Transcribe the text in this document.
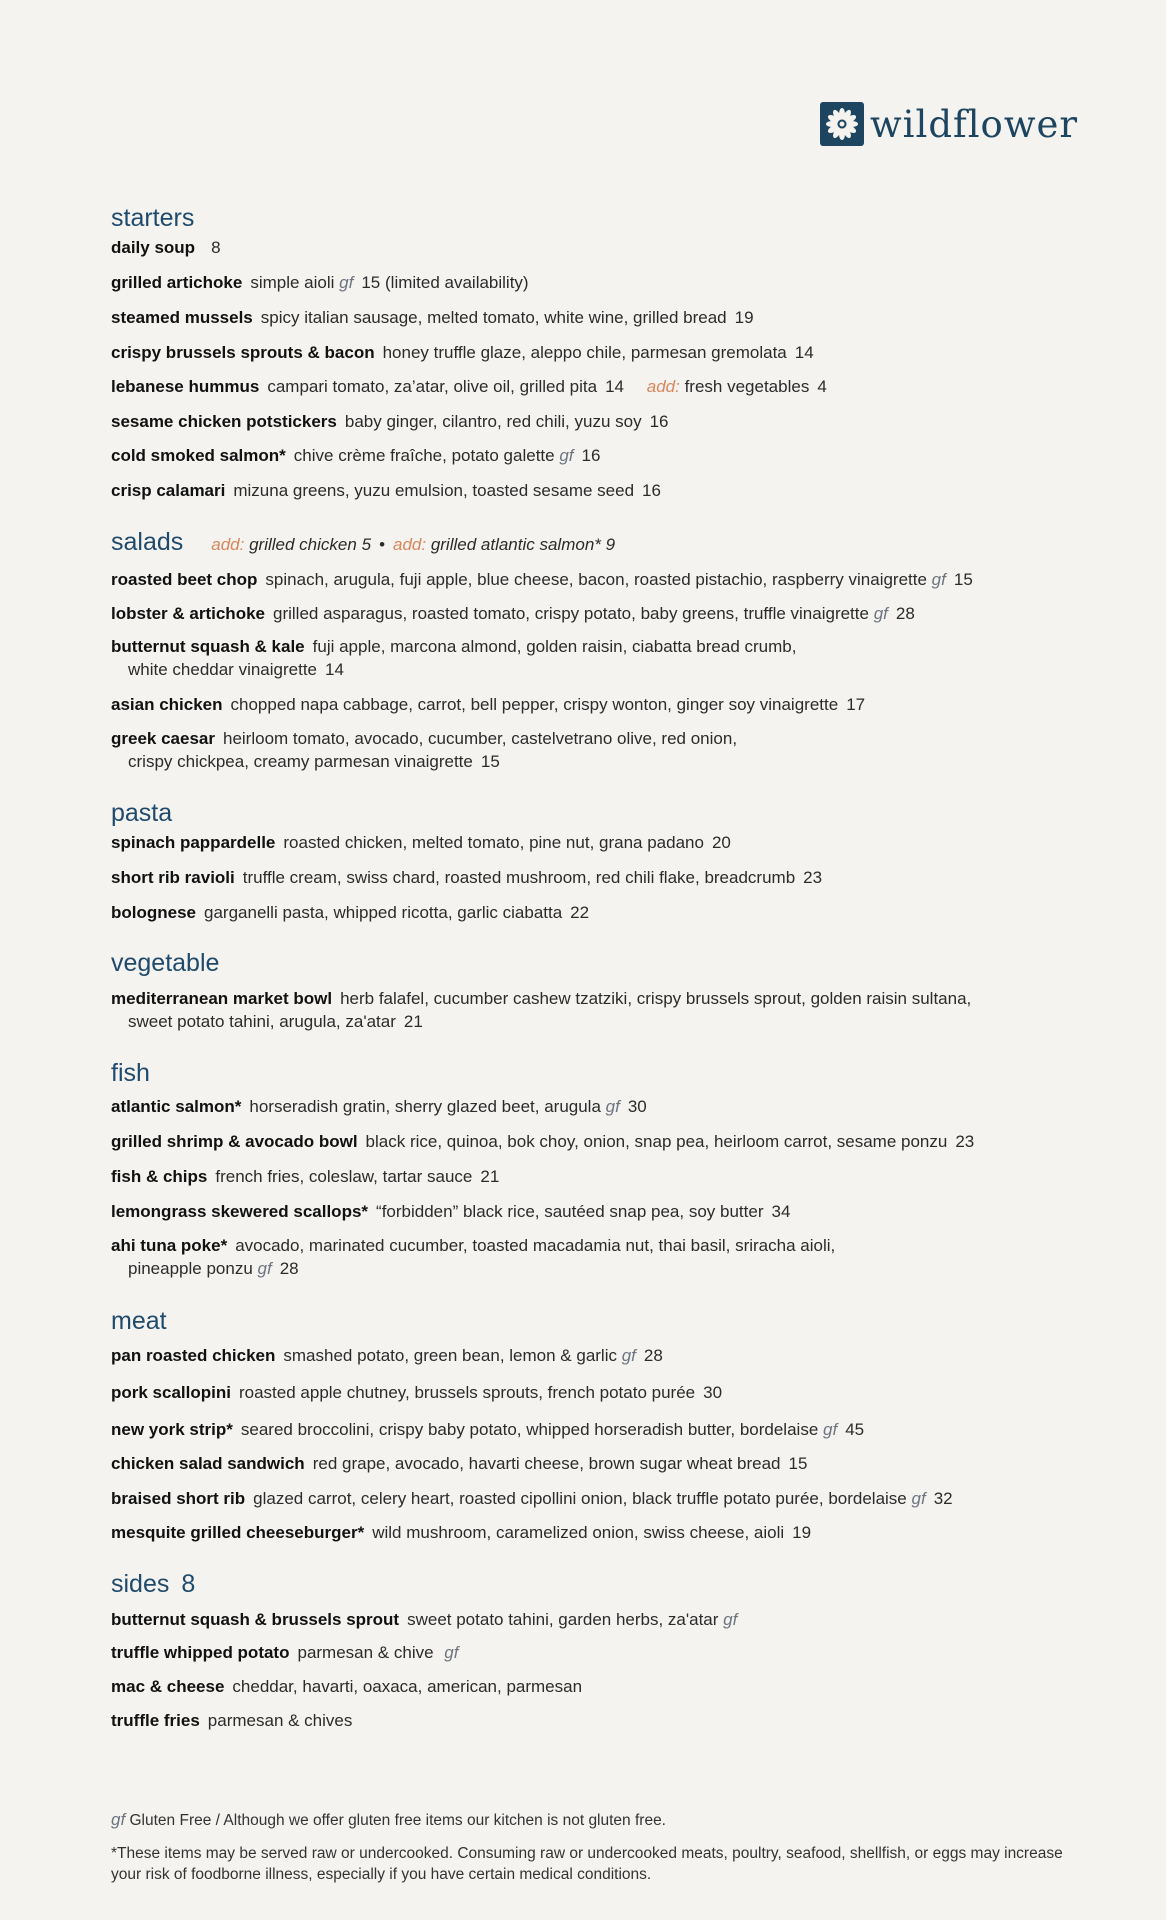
wildflower
starters
daily soup 8
grilled artichoke simple aioli gf 15 (limited availability)
steamed mussels spicy italian sausage, melted tomato, white wine, grilled bread 19
crispy brussels sprouts & bacon honey truffle glaze, aleppo chile, parmesan gremolata 14
lebanese hummus campari tomato, za’atar, olive oil, grilled pita 14 add: fresh vegetables 4
sesame chicken potstickers baby ginger, cilantro, red chili, yuzu soy 16
cold smoked salmon* chive crème fraîche, potato galette gf 16
crisp calamari mizuna greens, yuzu emulsion, toasted sesame seed 16
salads add: grilled chicken 5 • add: grilled atlantic salmon* 9
roasted beet chop spinach, arugula, fuji apple, blue cheese, bacon, roasted pistachio, raspberry vinaigrette gf 15
lobster & artichoke grilled asparagus, roasted tomato, crispy potato, baby greens, truffle vinaigrette gf 28
butternut squash & kale fuji apple, marcona almond, golden raisin, ciabatta bread crumb,
white cheddar vinaigrette 14
asian chicken chopped napa cabbage, carrot, bell pepper, crispy wonton, ginger soy vinaigrette 17
greek caesar heirloom tomato, avocado, cucumber, castelvetrano olive, red onion,
crispy chickpea, creamy parmesan vinaigrette 15
pasta
spinach pappardelle roasted chicken, melted tomato, pine nut, grana padano 20
short rib ravioli truffle cream, swiss chard, roasted mushroom, red chili flake, breadcrumb 23
bolognese garganelli pasta, whipped ricotta, garlic ciabatta 22
vegetable
mediterranean market bowl herb falafel, cucumber cashew tzatziki, crispy brussels sprout, golden raisin sultana,
sweet potato tahini, arugula, za'atar 21
fish
atlantic salmon* horseradish gratin, sherry glazed beet, arugula gf 30
grilled shrimp & avocado bowl black rice, quinoa, bok choy, onion, snap pea, heirloom carrot, sesame ponzu 23
fish & chips french fries, coleslaw, tartar sauce 21
lemongrass skewered scallops* “forbidden” black rice, sautéed snap pea, soy butter 34
ahi tuna poke* avocado, marinated cucumber, toasted macadamia nut, thai basil, sriracha aioli,
pineapple ponzu gf 28
meat
pan roasted chicken smashed potato, green bean, lemon & garlic gf 28
pork scallopini roasted apple chutney, brussels sprouts, french potato purée 30
new york strip* seared broccolini, crispy baby potato, whipped horseradish butter, bordelaise gf 45
chicken salad sandwich red grape, avocado, havarti cheese, brown sugar wheat bread 15
braised short rib glazed carrot, celery heart, roasted cipollini onion, black truffle potato purée, bordelaise gf 32
mesquite grilled cheeseburger* wild mushroom, caramelized onion, swiss cheese, aioli 19
sides 8
butternut squash & brussels sprout sweet potato tahini, garden herbs, za'atar gf
truffle whipped potato parmesan & chive gf
mac & cheese cheddar, havarti, oaxaca, american, parmesan
truffle fries parmesan & chives
gf Gluten Free / Although we offer gluten free items our kitchen is not gluten free.
*These items may be served raw or undercooked. Consuming raw or undercooked meats, poultry, seafood, shellfish, or eggs may increase your risk of foodborne illness, especially if you have certain medical conditions.
